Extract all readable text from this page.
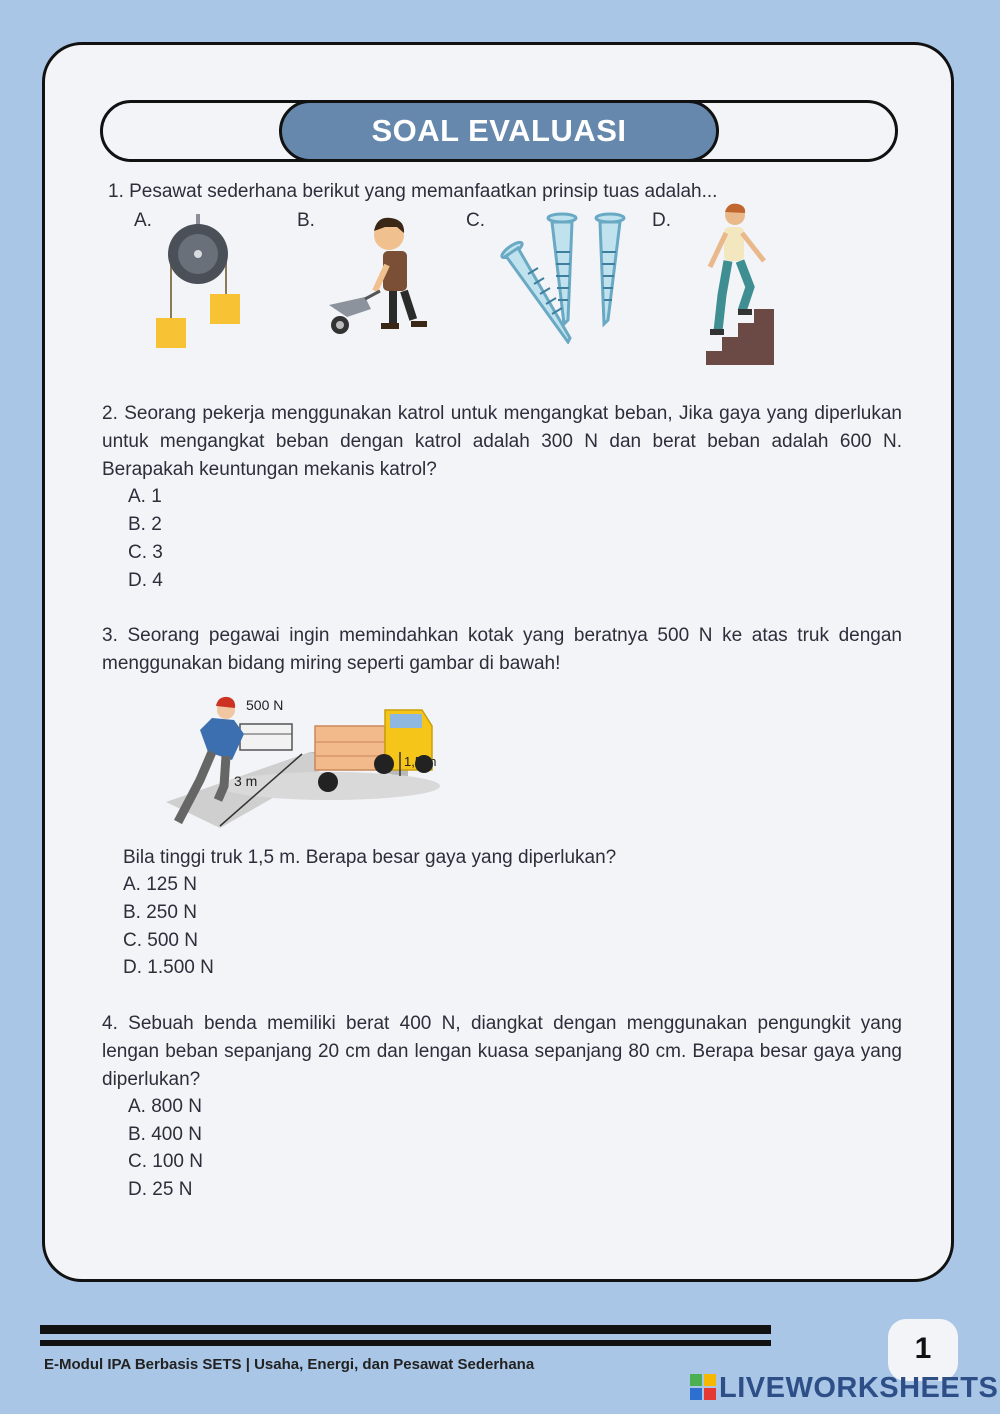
SOAL EVALUASI
1. Pesawat sederhana berikut yang memanfaatkan prinsip tuas adalah...
A.	B.	C.	D.
2. Seorang pekerja menggunakan katrol untuk mengangkat beban, Jika gaya yang diperlukan untuk mengangkat beban dengan katrol adalah 300 N dan berat beban adalah 600 N. Berapakah keuntungan mekanis katrol?
A. 1
B. 2
C. 3
D. 4
3. Seorang pegawai ingin memindahkan kotak yang beratnya 500 N ke atas truk dengan menggunakan bidang miring seperti gambar di bawah!
500 N
3 m
1,5 m
Bila tinggi truk 1,5 m. Berapa besar gaya yang diperlukan?
A. 125 N
B. 250 N
C. 500 N
D. 1.500 N
4. Sebuah benda memiliki berat 400 N, diangkat dengan menggunakan pengungkit yang lengan beban sepanjang 20 cm dan lengan kuasa sepanjang 80 cm. Berapa besar gaya yang diperlukan?
A. 800 N
B. 400 N
C. 100 N
D. 25 N
E-Modul IPA Berbasis SETS | Usaha, Energi, dan Pesawat Sederhana	1
LIVEWORKSHEETS
